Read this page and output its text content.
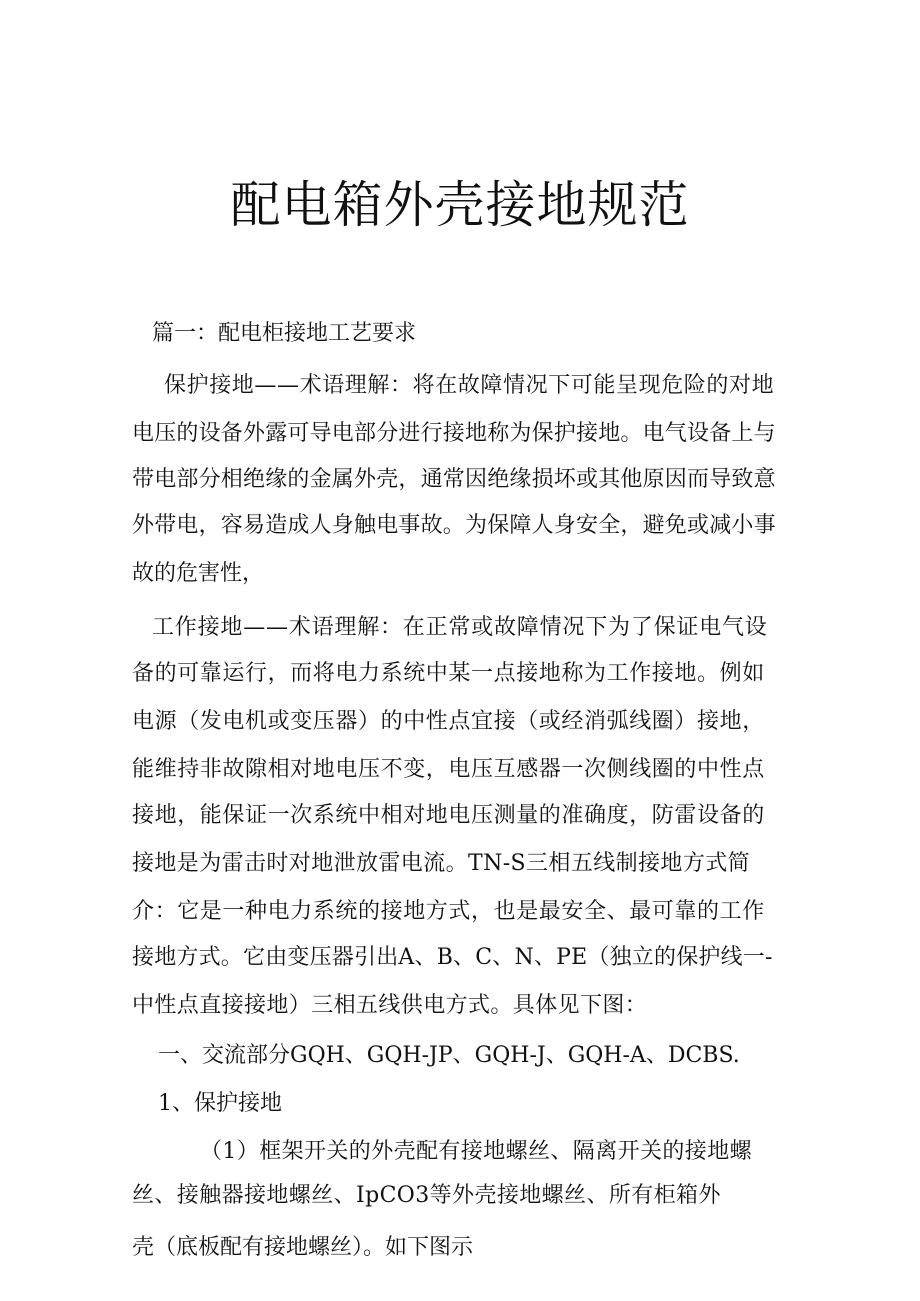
配电箱外壳接地规范
篇一：配电柜接地工艺要求
保护接地——术语理解：将在故障情况下可能呈现危险的对地
电压的设备外露可导电部分进行接地称为保护接地。电气设备上与
带电部分相绝缘的金属外壳，通常因绝缘损坏或其他原因而导致意
外带电，容易造成人身触电事故。为保障人身安全，避免或减小事
故的危害性，
工作接地——术语理解：在正常或故障情况下为了保证电气设
备的可靠运行，而将电力系统中某一点接地称为工作接地。例如
电源（发电机或变压器）的中性点宜接（或经消弧线圈）接地，
能维持非故隙相对地电压不变，电压互感器一次侧线圈的中性点
接地，能保证一次系统中相对地电压测量的准确度，防雷设备的
接地是为雷击时对地泄放雷电流。TN-S三相五线制接地方式简
介：它是一种电力系统的接地方式，也是最安全、最可靠的工作
接地方式。它由变压器引出A、B、C、N、PE（独立的保护线一-
中性点直接接地）三相五线供电方式。具体见下图：
一、交流部分GQH、GQH-JP、GQH-J、GQH-A、DCBS.
1、保护接地
（1）框架开关的外壳配有接地螺丝、隔离开关的接地螺
丝、接触器接地螺丝、IpCO3等外壳接地螺丝、所有柜箱外
壳（底板配有接地螺丝）。如下图示
